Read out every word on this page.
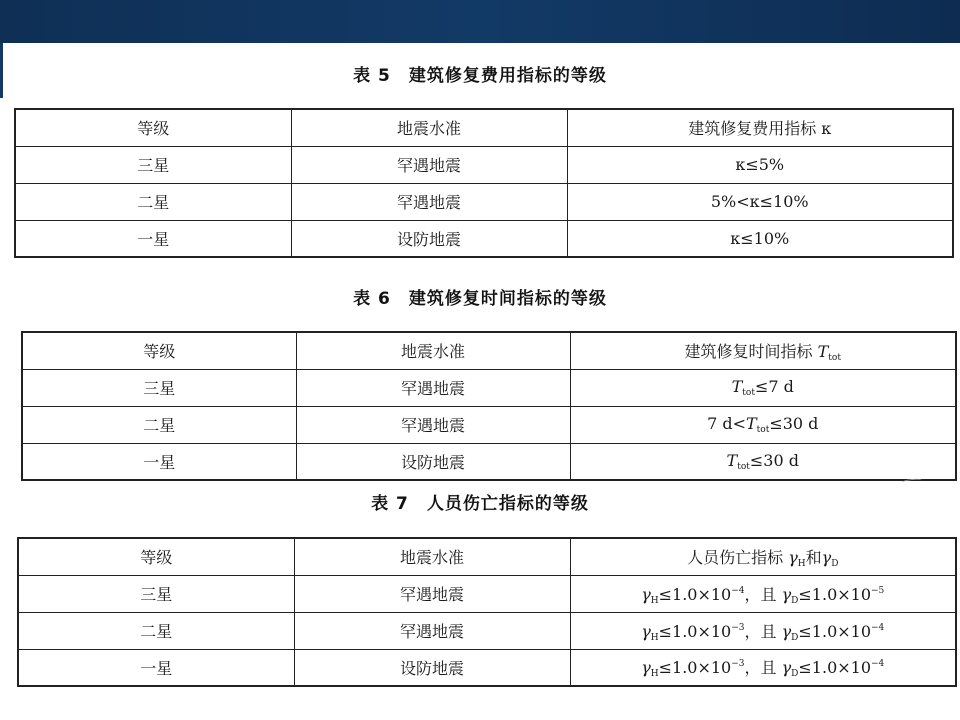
表 5 建筑修复费用指标的等级
等级	地震水准	建筑修复费用指标 κ
三星	罕遇地震	κ≤5%
二星	罕遇地震	5%<κ≤10%
一星	设防地震	κ≤10%
表 6 建筑修复时间指标的等级
等级	地震水准	建筑修复时间指标 $T_{tot}$
三星	罕遇地震	$T_{tot}\le 7$ d
二星	罕遇地震	7 $d<T_{tot}\le 30$ d
一星	设防地震	$T_{tot}\le 30$ d
表 7 人员伤亡指标的等级
等级	地震水准	人员伤亡指标 $\gamma_H$和$\gamma_D$
三星	罕遇地震	$\gamma_H\le 1.0\times 10^{-4}$，且 $\gamma_D\le 1.0\times 10^{-5}$
二星	罕遇地震	$\gamma_H\le 1.0\times 10^{-3}$，且 $\gamma_D\le 1.0\times 10^{-4}$
一星	设防地震	$\gamma_H\le 1.0\times 10^{-3}$，且 $\gamma_D\le 1.0\times 10^{-4}$
